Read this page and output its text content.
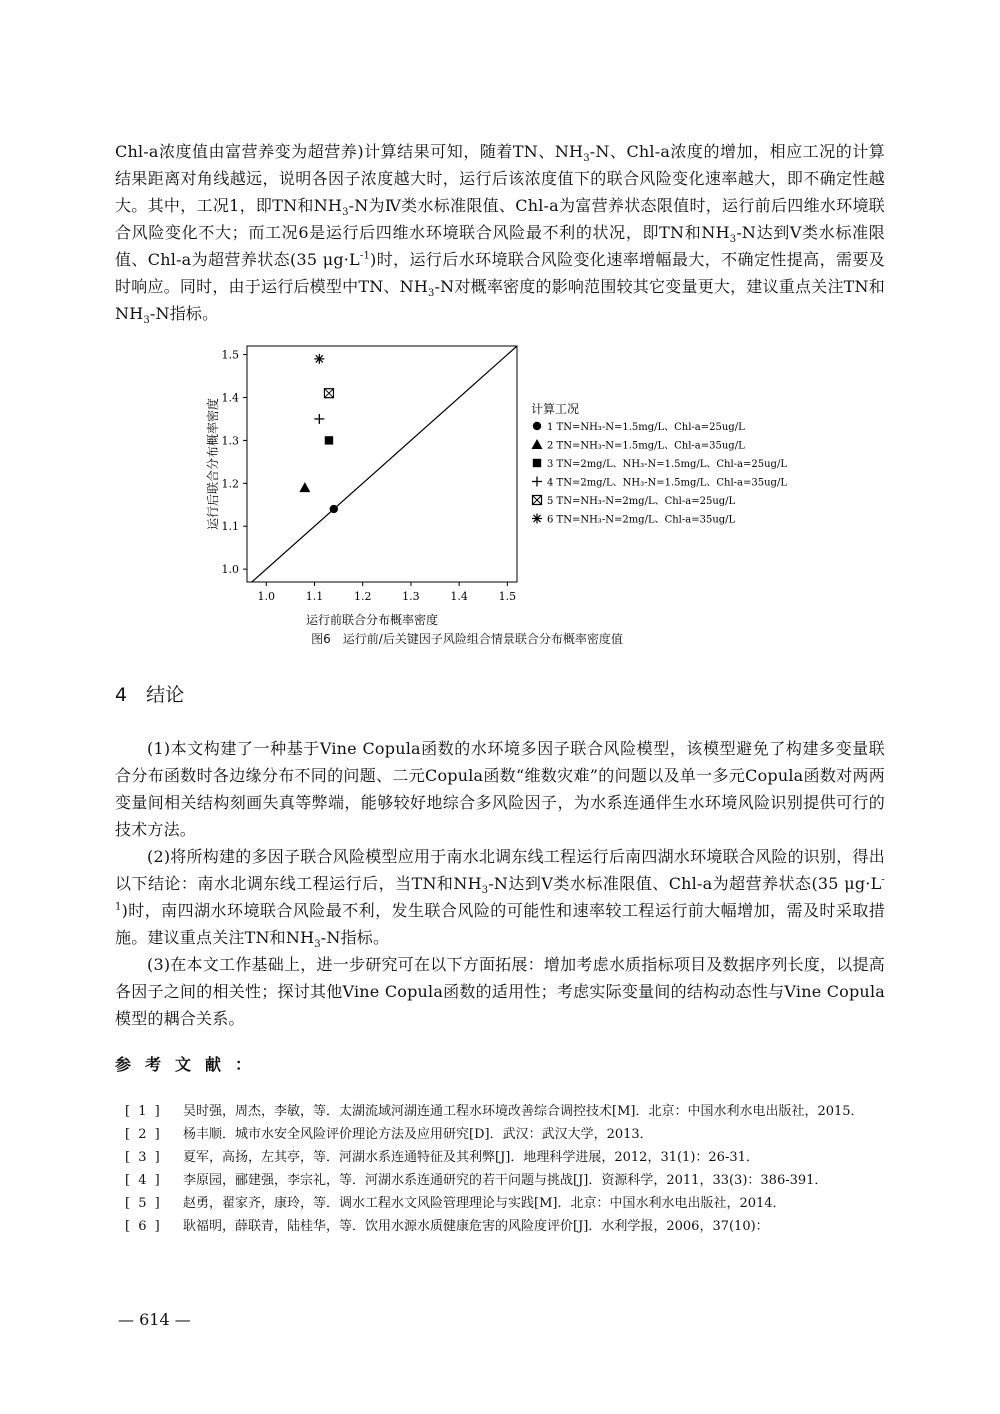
Chl-a浓度值由富营养变为超营养)计算结果可知，随着TN、$NH_3-N$、Chl-a浓度的增加，相应工况的计算结果距离对角线越远，说明各因子浓度越大时，运行后该浓度值下的联合风险变化速率越大，即不确定性越大。其中，工况1，即TN和$NH_3-N$为Ⅳ类水标准限值、Chl-a为富营养状态限值时，运行前后四维水环境联合风险变化不大；而工况6是运行后四维水环境联合风险最不利的状况，即TN和$NH_3-N$达到Ⅴ类水标准限值、Chl-a为超营养状态(35 $\mu g\cdot L^{-1}$)时，运行后水环境联合风险变化速率增幅最大，不确定性提高，需要及时响应。同时，由于运行后模型中TN、$NH_3-N$对概率密度的影响范围较其它变量更大，建议重点关注TN和$NH_3-N$指标。
1.0	1.1	1.2	1.3	1.4	1.5
1.0
1.1
1.2
1.3
1.4
1.5
运行前联合分布概率密度
运行后联合分布概率密度	计算工况
1 TN=NH₃-N=1.5mg/L、Chl-a=25ug/L
2 TN=NH₃-N=1.5mg/L、Chl-a=35ug/L
3 TN=2mg/L、NH₃-N=1.5mg/L、Chl-a=25ug/L
4 TN=2mg/L、NH₃-N=1.5mg/L、Chl-a=35ug/L
5 TN=NH₃-N=2mg/L、Chl-a=25ug/L
6 TN=NH₃-N=2mg/L、Chl-a=35ug/L
图6　运行前/后关键因子风险组合情景联合分布概率密度值
4　结论
(1)本文构建了一种基于Vine Copula函数的水环境多因子联合风险模型，该模型避免了构建多变量联合分布函数时各边缘分布不同的问题、二元Copula函数“维数灾难”的问题以及单一多元Copula函数对两两变量间相关结构刻画失真等弊端，能够较好地综合多风险因子，为水系连通伴生水环境风险识别提供可行的技术方法。
(2)将所构建的多因子联合风险模型应用于南水北调东线工程运行后南四湖水环境联合风险的识别，得出以下结论：南水北调东线工程运行后，当TN和$NH_3-N$达到Ⅴ类水标准限值、Chl-a为超营养状态(35 $\mu g\cdot L^{-1}$)时，南四湖水环境联合风险最不利，发生联合风险的可能性和速率较工程运行前大幅增加，需及时采取措施。建议重点关注TN和$NH_3-N$指标。
(3)在本文工作基础上，进一步研究可在以下方面拓展：增加考虑水质指标项目及数据序列长度，以提高各因子之间的相关性；探讨其他Vine Copula函数的适用性；考虑实际变量间的结构动态性与Vine Copula模型的耦合关系。
参考文献：
[ 1 ]	吴时强，周杰，李敏，等．太湖流域河湖连通工程水环境改善综合调控技术[M]．北京：中国水利水电出版社，2015．
[ 2 ]	杨丰顺．城市水安全风险评价理论方法及应用研究[D]．武汉：武汉大学，2013．
[ 3 ]	夏军，高扬，左其亭，等．河湖水系连通特征及其利弊[J]．地理科学进展，2012，31(1)：26-31．
[ 4 ]	李原园，郦建强，李宗礼，等．河湖水系连通研究的若干问题与挑战[J]．资源科学，2011，33(3)：386-391．
[ 5 ]	赵勇，翟家齐，康玲，等．调水工程水文风险管理理论与实践[M]．北京：中国水利水电出版社，2014．
[ 6 ]	耿福明，薛联青，陆桂华，等．饮用水源水质健康危害的风险度评价[J]．水利学报，2006，37(10)：
— 614 —
